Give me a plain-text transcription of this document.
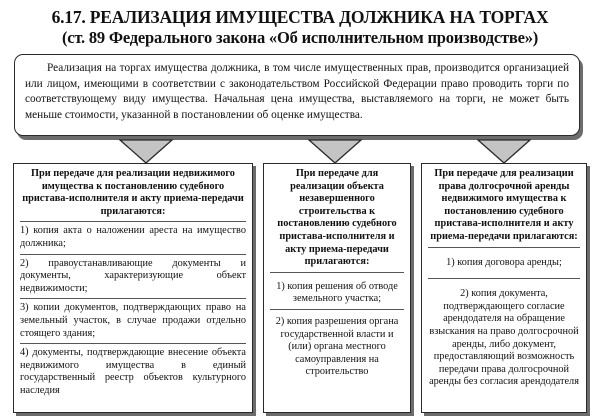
6.17. РЕАЛИЗАЦИЯ ИМУЩЕСТВА ДОЛЖНИКА НА ТОРГАХ
(ст. 89 Федерального закона «Об исполнительном производстве»)
Реализация на торгах имущества должника, в том числе имущественных прав, производится организацией или лицом, имеющими в соответствии с законодательством Российской Федерации право проводить торги по соответствующему виду имущества. Начальная цена имущества, выставляемого на торги, не может быть меньше стоимости, указанной в постановлении об оценке имущества.
При передаче для реализации недвижимого имущества к постановлению судебного пристава-исполнителя и акту приема-передачи прилагаются:

1) копия акта о наложении ареста на имущество должника;

2) правоустанавливающие документы и документы, характеризующие объект недвижимости;

3) копии документов, подтверждающих право на земельный участок, в случае продажи отдельно стоящего здания;

4) документы, подтверждающие внесение объекта недвижимого имущества в единый государственный реестр объектов культурного наследия

При передаче для реализации объекта незавершенного строительства к постановлению судебного пристава-исполнителя и акту приема-передачи прилагаются:

1) копия решения об отводе земельного участка;

2) копия разрешения органа государственной власти и (или) органа местного самоуправления на строительство

При передаче для реализации права долгосрочной аренды недвижимого имущества к постановлению судебного пристава-исполнителя и акту приема-передачи прилагаются:

1) копия договора аренды;

2) копия документа, подтверждающего согласие арендодателя на обращение взыскания на право долгосрочной аренды, либо документ, предоставляющий возможность передачи права долгосрочной аренды без согласия арендодателя
